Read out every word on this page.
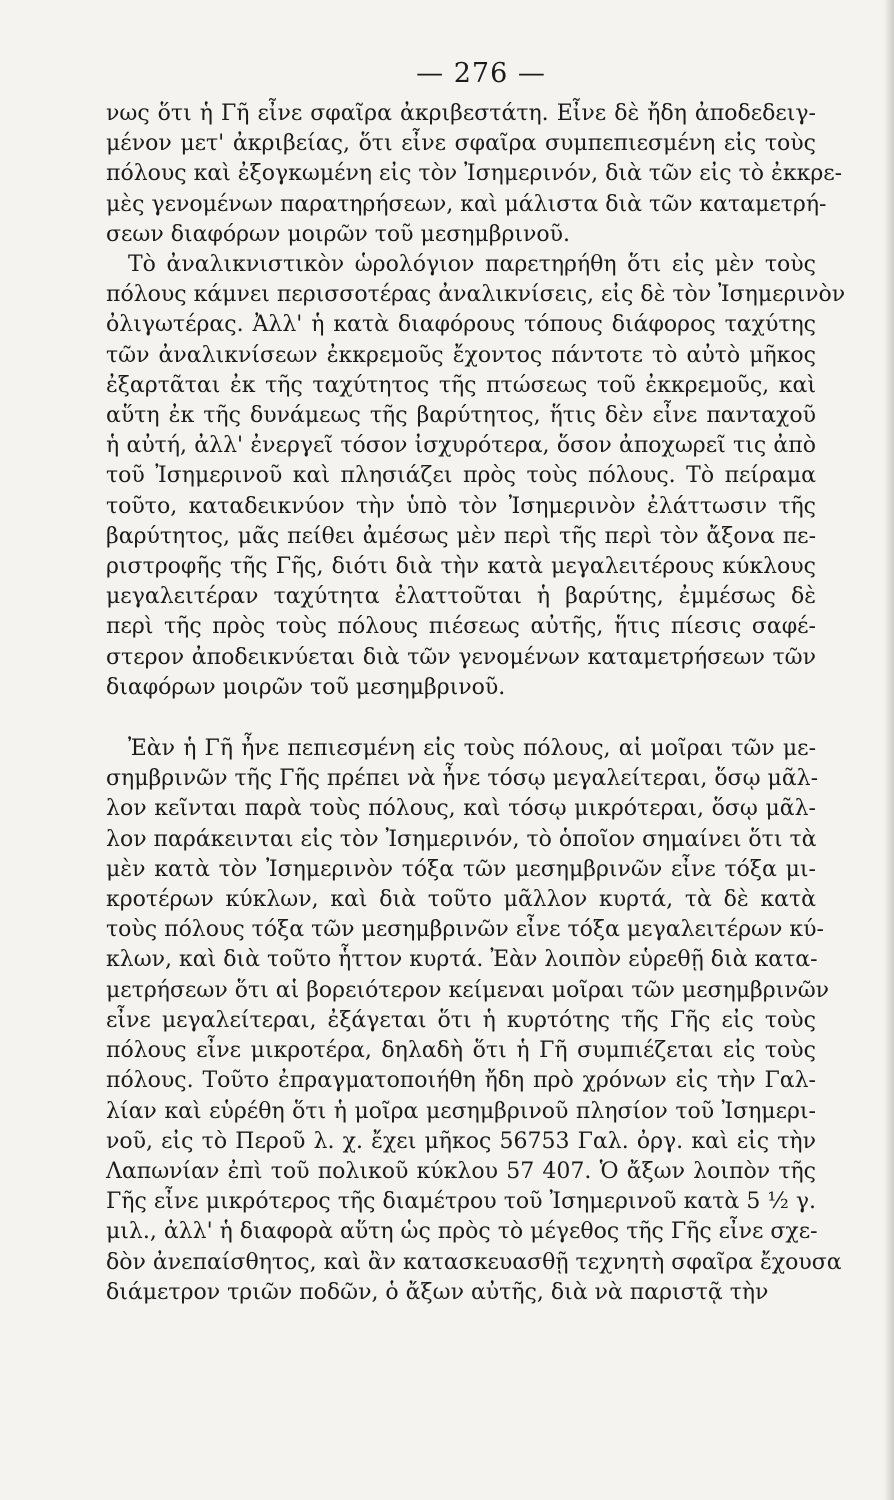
— 276 —
νως ὅτι ἡ Γῆ εἶνε σφαῖρα ἀκριβεστάτη. Εἶνε δὲ ἤδη ἀποδεδειγ-
μένον μετ' ἀκριβείας, ὅτι εἶνε σφαῖρα συμπεπιεσμένη εἰς τοὺς
πόλους καὶ ἐξογκωμένη εἰς τὸν Ἰσημερινόν, διὰ τῶν εἰς τὸ ἐκκρε-
μὲς γενομένων παρατηρήσεων, καὶ μάλιστα διὰ τῶν καταμετρή-
σεων διαφόρων μοιρῶν τοῦ μεσημβρινοῦ.
Τὸ ἀναλικνιστικὸν ὡρολόγιον παρετηρήθη ὅτι εἰς μὲν τοὺς
πόλους κάμνει περισσοτέρας ἀναλικνίσεις, εἰς δὲ τὸν Ἰσημερινὸν
ὀλιγωτέρας. Ἀλλ' ἡ κατὰ διαφόρους τόπους διάφορος ταχύτης
τῶν ἀναλικνίσεων ἐκκρεμοῦς ἔχοντος πάντοτε τὸ αὐτὸ μῆκος
ἐξαρτᾶται ἐκ τῆς ταχύτητος τῆς πτώσεως τοῦ ἐκκρεμοῦς, καὶ
αὕτη ἐκ τῆς δυνάμεως τῆς βαρύτητος, ἥτις δὲν εἶνε πανταχοῦ
ἡ αὐτή, ἀλλ' ἐνεργεῖ τόσον ἰσχυρότερα, ὅσον ἀποχωρεῖ τις ἀπὸ
τοῦ Ἰσημερινοῦ καὶ πλησιάζει πρὸς τοὺς πόλους. Τὸ πείραμα
τοῦτο, καταδεικνύον τὴν ὑπὸ τὸν Ἰσημερινὸν ἐλάττωσιν τῆς
βαρύτητος, μᾶς πείθει ἀμέσως μὲν περὶ τῆς περὶ τὸν ἄξονα πε-
ριστροφῆς τῆς Γῆς, διότι διὰ τὴν κατὰ μεγαλειτέρους κύκλους
μεγαλειτέραν ταχύτητα ἐλαττοῦται ἡ βαρύτης, ἐμμέσως δὲ
περὶ τῆς πρὸς τοὺς πόλους πιέσεως αὐτῆς, ἥτις πίεσις σαφέ-
στερον ἀποδεικνύεται διὰ τῶν γενομένων καταμετρήσεων τῶν
διαφόρων μοιρῶν τοῦ μεσημβρινοῦ.
Ἐὰν ἡ Γῆ ἦνε πεπιεσμένη εἰς τοὺς πόλους, αἱ μοῖραι τῶν με-
σημβρινῶν τῆς Γῆς πρέπει νὰ ἦνε τόσῳ μεγαλείτεραι, ὅσῳ μᾶλ-
λον κεῖνται παρὰ τοὺς πόλους, καὶ τόσῳ μικρότεραι, ὅσῳ μᾶλ-
λον παράκεινται εἰς τὸν Ἰσημερινόν, τὸ ὁποῖον σημαίνει ὅτι τὰ
μὲν κατὰ τὸν Ἰσημερινὸν τόξα τῶν μεσημβρινῶν εἶνε τόξα μι-
κροτέρων κύκλων, καὶ διὰ τοῦτο μᾶλλον κυρτά, τὰ δὲ κατὰ
τοὺς πόλους τόξα τῶν μεσημβρινῶν εἶνε τόξα μεγαλειτέρων κύ-
κλων, καὶ διὰ τοῦτο ἧττον κυρτά. Ἐὰν λοιπὸν εὑρεθῇ διὰ κατα-
μετρήσεων ὅτι αἱ βορειότερον κείμεναι μοῖραι τῶν μεσημβρινῶν
εἶνε μεγαλείτεραι, ἐξάγεται ὅτι ἡ κυρτότης τῆς Γῆς εἰς τοὺς
πόλους εἶνε μικροτέρα, δηλαδὴ ὅτι ἡ Γῆ συμπιέζεται εἰς τοὺς
πόλους. Τοῦτο ἐπραγματοποιήθη ἤδη πρὸ χρόνων εἰς τὴν Γαλ-
λίαν καὶ εὑρέθη ὅτι ἡ μοῖρα μεσημβρινοῦ πλησίον τοῦ Ἰσημερι-
νοῦ, εἰς τὸ Περοῦ λ. χ. ἔχει μῆκος 56753 Γαλ. ὀργ. καὶ εἰς τὴν
Λαπωνίαν ἐπὶ τοῦ πολικοῦ κύκλου 57 407. Ὁ ἄξων λοιπὸν τῆς
Γῆς εἶνε μικρότερος τῆς διαμέτρου τοῦ Ἰσημερινοῦ κατὰ 5 ½ γ.
μιλ., ἀλλ' ἡ διαφορὰ αὕτη ὡς πρὸς τὸ μέγεθος τῆς Γῆς εἶνε σχε-
δὸν ἀνεπαίσθητος, καὶ ἂν κατασκευασθῇ τεχνητὴ σφαῖρα ἔχουσα
διάμετρον τριῶν ποδῶν, ὁ ἄξων αὐτῆς, διὰ νὰ παριστᾷ τὴν
